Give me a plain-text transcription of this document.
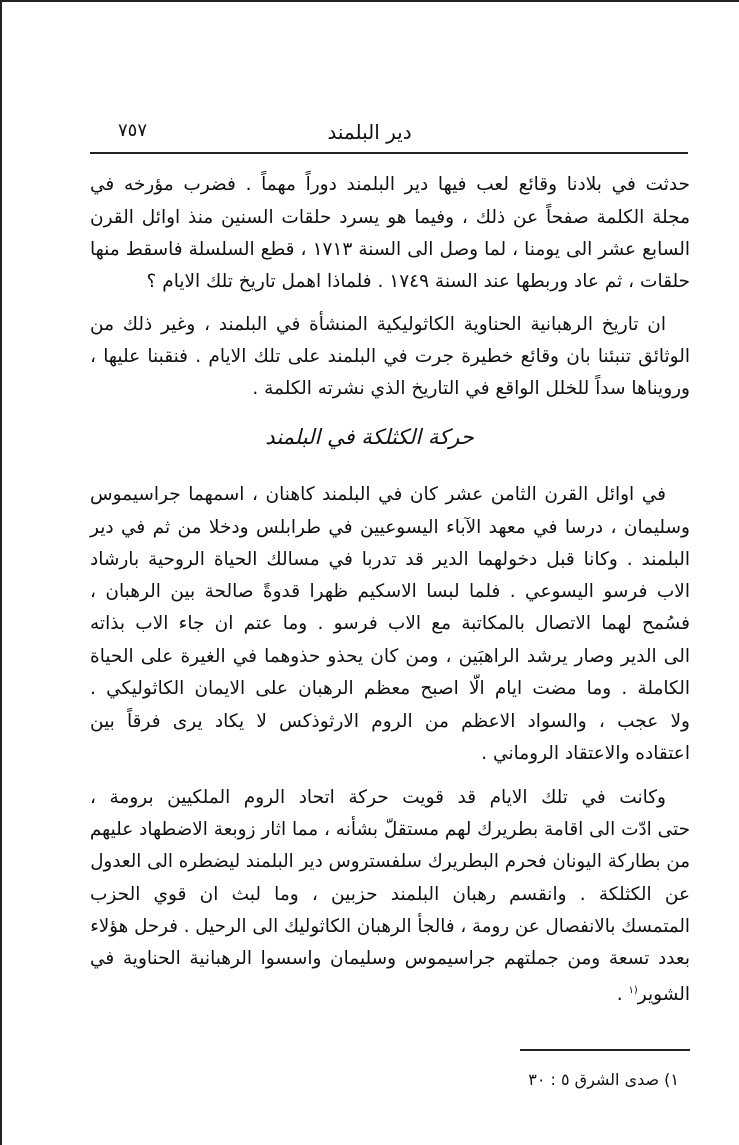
٧٥٧	دير البلمند
حدثت في بلادنا وقائع لعب فيها دير البلمند دوراً مهماً . فضرب مؤرخه في
مجلة الكلمة صفحاً عن ذلك ، وفيما هو يسرد حلقات السنين منذ اوائل القرن
السابع عشر الى يومنا ، لما وصل الى السنة ١٧١٣ ، قطع السلسلة فاسقط منها
حلقات ، ثم عاد وربطها عند السنة ١٧٤٩ . فلماذا اهمل تاريخ تلك الايام ؟
ان تاريخ الرهبانية الحناوية الكاثوليكية المنشأة في البلمند ، وغير ذلك من
الوثائق تنبئنا بان وقائع خطيرة جرت في البلمند على تلك الايام . فنقبنا عليها ،
ورويناها سداً للخلل الواقع في التاريخ الذي نشرته الكلمة .
في اوائل القرن الثامن عشر كان في البلمند كاهنان ، اسمهما جراسيموس
وسليمان ، درسا في معهد الآباء اليسوعيين في طرابلس ودخلا من ثم في دير
البلمند . وكانا قبل دخولهما الدير قد تدربا في مسالك الحياة الروحية بارشاد
الاب فرسو اليسوعي . فلما لبسا الاسكيم ظهرا قدوةً صالحة بين الرهبان ،
فسُمح لهما الاتصال بالمكاتبة مع الاب فرسو . وما عتم ان جاء الاب بذاته
الى الدير وصار يرشد الراهبَين ، ومن كان يحذو حذوهما في الغيرة على الحياة
الكاملة . وما مضت ايام الّا اصبح معظم الرهبان على الايمان الكاثوليكي .
ولا عجب ، والسواد الاعظم من الروم الارثوذكس لا يكاد يرى فرقاً بين
اعتقاده والاعتقاد الروماني .
وكانت في تلك الايام قد قويت حركة اتحاد الروم الملكيين برومة ،
حتى ادّت الى اقامة بطريرك لهم مستقلّ بشأنه ، مما اثار زوبعة الاضطهاد عليهم
من بطاركة اليونان فحرم البطريرك سلفستروس دير البلمند ليضطره الى العدول
عن الكثلكة . وانقسم رهبان البلمند حزبين ، وما لبث ان قوي الحزب
المتمسك بالانفصال عن رومة ، فالجأ الرهبان الكاثوليك الى الرحيل . فرحل هؤلاء
بعدد تسعة ومن جملتهم جراسيموس وسليمان واسسوا الرهبانية الحناوية في
الشوير$^{(١}$ .
حركة الكثلكة في البلمند
١) صدى الشرق ٥ : ٣٠
